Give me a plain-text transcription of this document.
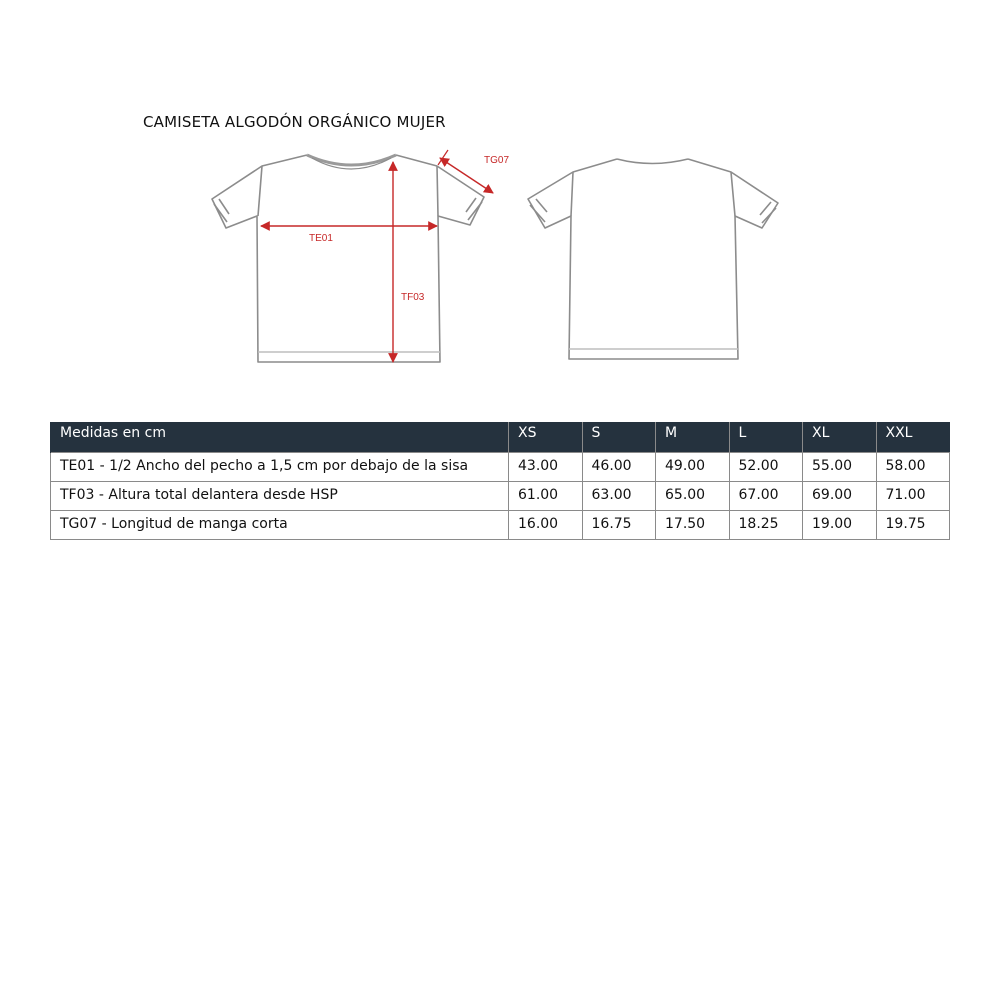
CAMISETA ALGODÓN ORGÁNICO MUJER
TE01
TF03
TG07
Medidas en cm	XS	S	M	L	XL	XXL
TE01 - 1/2 Ancho del pecho a 1,5 cm por debajo de la sisa	43.00	46.00	49.00	52.00	55.00	58.00
TF03 - Altura total delantera desde HSP	61.00	63.00	65.00	67.00	69.00	71.00
TG07 - Longitud de manga corta	16.00	16.75	17.50	18.25	19.00	19.75
